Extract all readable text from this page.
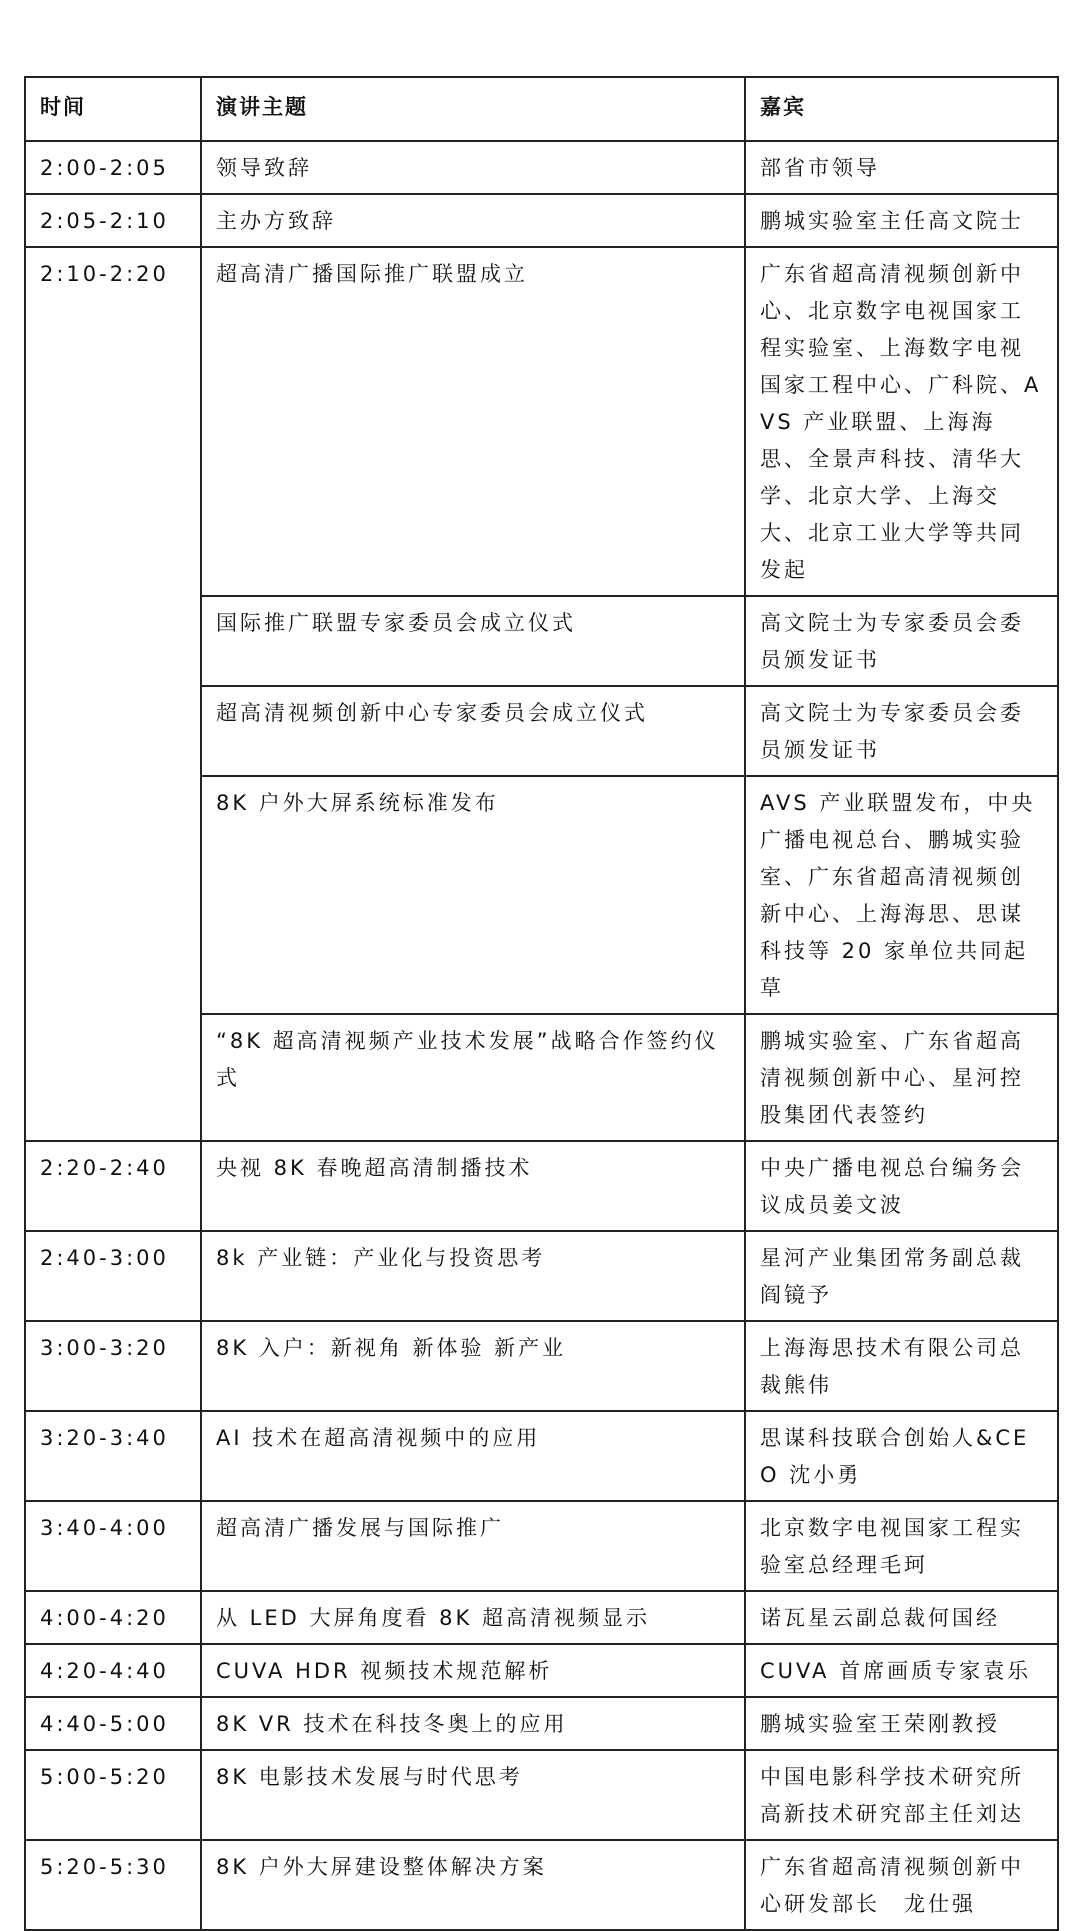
时间	演讲主题	嘉宾
2:00-2:05	领导致辞	部省市领导
2:05-2:10	主办方致辞	鹏城实验室主任高文院士
2:10-2:20	超高清广播国际推广联盟成立	广东省超高清视频创新中心、北京数字电视国家工程实验室、上海数字电视国家工程中心、广科院、AVS 产业联盟、上海海思、全景声科技、清华大学、北京大学、上海交大、北京工业大学等共同发起
	国际推广联盟专家委员会成立仪式	高文院士为专家委员会委员颁发证书
	超高清视频创新中心专家委员会成立仪式	高文院士为专家委员会委员颁发证书
	8K 户外大屏系统标准发布	AVS 产业联盟发布，中央广播电视总台、鹏城实验室、广东省超高清视频创新中心、上海海思、思谋科技等 20 家单位共同起草
	“8K 超高清视频产业技术发展”战略合作签约仪式	鹏城实验室、广东省超高清视频创新中心、星河控股集团代表签约
2:20-2:40	央视 8K 春晚超高清制播技术	中央广播电视总台编务会议成员姜文波
2:40-3:00	8k 产业链：产业化与投资思考	星河产业集团常务副总裁阎镜予
3:00-3:20	8K 入户：新视角 新体验 新产业	上海海思技术有限公司总裁熊伟
3:20-3:40	AI 技术在超高清视频中的应用	思谋科技联合创始人&CEO 沈小勇
3:40-4:00	超高清广播发展与国际推广	北京数字电视国家工程实验室总经理毛珂
4:00-4:20	从 LED 大屏角度看 8K 超高清视频显示	诺瓦星云副总裁何国经
4:20-4:40	CUVA HDR 视频技术规范解析	CUVA 首席画质专家袁乐
4:40-5:00	8K VR 技术在科技冬奥上的应用	鹏城实验室王荣刚教授
5:00-5:20	8K 电影技术发展与时代思考	中国电影科学技术研究所高新技术研究部主任刘达
5:20-5:30	8K 户外大屏建设整体解决方案	广东省超高清视频创新中心研发部长　龙仕强
